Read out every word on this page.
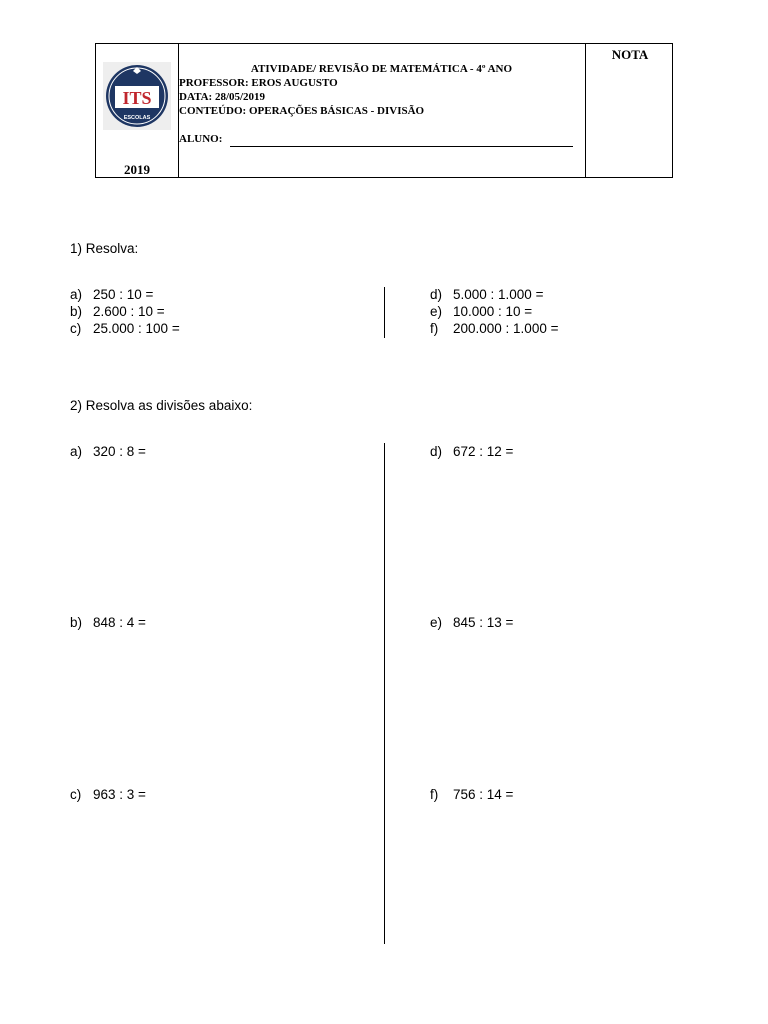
ITS
ESCOLAS
2019
ATIVIDADE/ REVISÃO DE MATEMÁTICA - 4º ANO
PROFESSOR: EROS AUGUSTO
DATA: 28/05/2019
CONTEÚDO: OPERAÇÕES BÁSICAS - DIVISÃO
ALUNO:
NOTA
1) Resolva:
a) 250 : 10 =
b) 2.600 : 10 =
c) 25.000 : 100 =
d) 5.000 : 1.000 =
e) 10.000 : 10 =
f) 200.000 : 1.000 =
2) Resolva as divisões abaixo:
a) 320 : 8 =
b) 848 : 4 =
c) 963 : 3 =
d) 672 : 12 =
e) 845 : 13 =
f) 756 : 14 =
